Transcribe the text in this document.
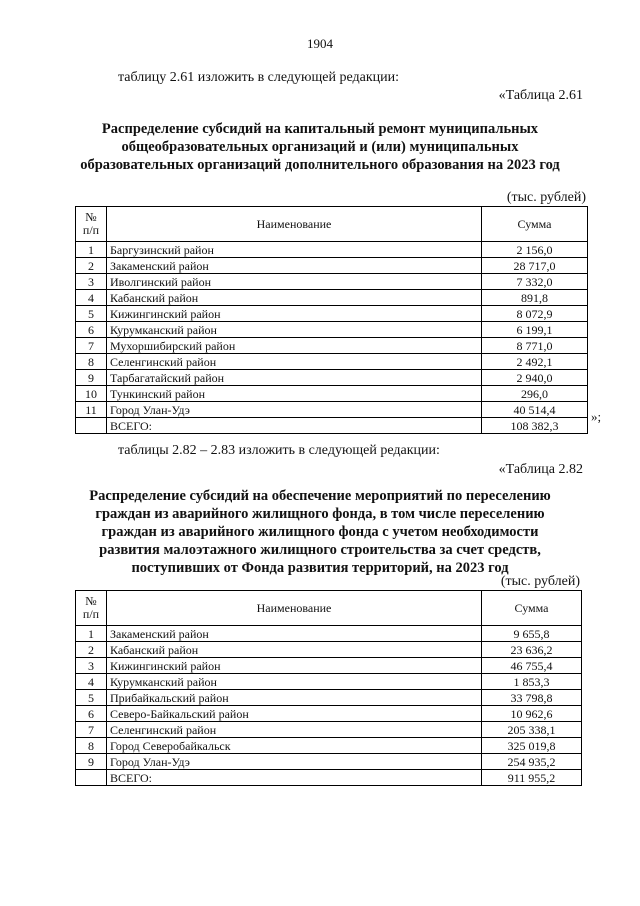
1904
таблицу 2.61 изложить в следующей редакции:
«Таблица 2.61
Распределение субсидий на капитальный ремонт муниципальных
общеобразовательных организаций и (или) муниципальных
образовательных организаций дополнительного образования на 2023 год
(тыс. рублей)
№ п/п	Наименование	Сумма
1	Баргузинский район	2 156,0
2	Закаменский район	28 717,0
3	Иволгинский район	7 332,0
4	Кабанский район	891,8
5	Кижингинский район	8 072,9
6	Курумканский район	6 199,1
7	Мухоршибирский район	8 771,0
8	Селенгинский район	2 492,1
9	Тарбагатайский район	2 940,0
10	Тункинский район	296,0
11	Город Улан-Удэ	40 514,4
	ВСЕГО:	108 382,3
»;
таблицы 2.82 – 2.83 изложить в следующей редакции:
«Таблица 2.82
Распределение субсидий на обеспечение мероприятий по переселению
граждан из аварийного жилищного фонда, в том числе переселению
граждан из аварийного жилищного фонда с учетом необходимости
развития малоэтажного жилищного строительства за счет средств,
поступивших от Фонда развития территорий, на 2023 год
(тыс. рублей)
№ п/п	Наименование	Сумма
1	Закаменский район	9 655,8
2	Кабанский район	23 636,2
3	Кижингинский район	46 755,4
4	Курумканский район	1 853,3
5	Прибайкальский район	33 798,8
6	Северо-Байкальский район	10 962,6
7	Селенгинский район	205 338,1
8	Город Северобайкальск	325 019,8
9	Город Улан-Удэ	254 935,2
	ВСЕГО:	911 955,2
